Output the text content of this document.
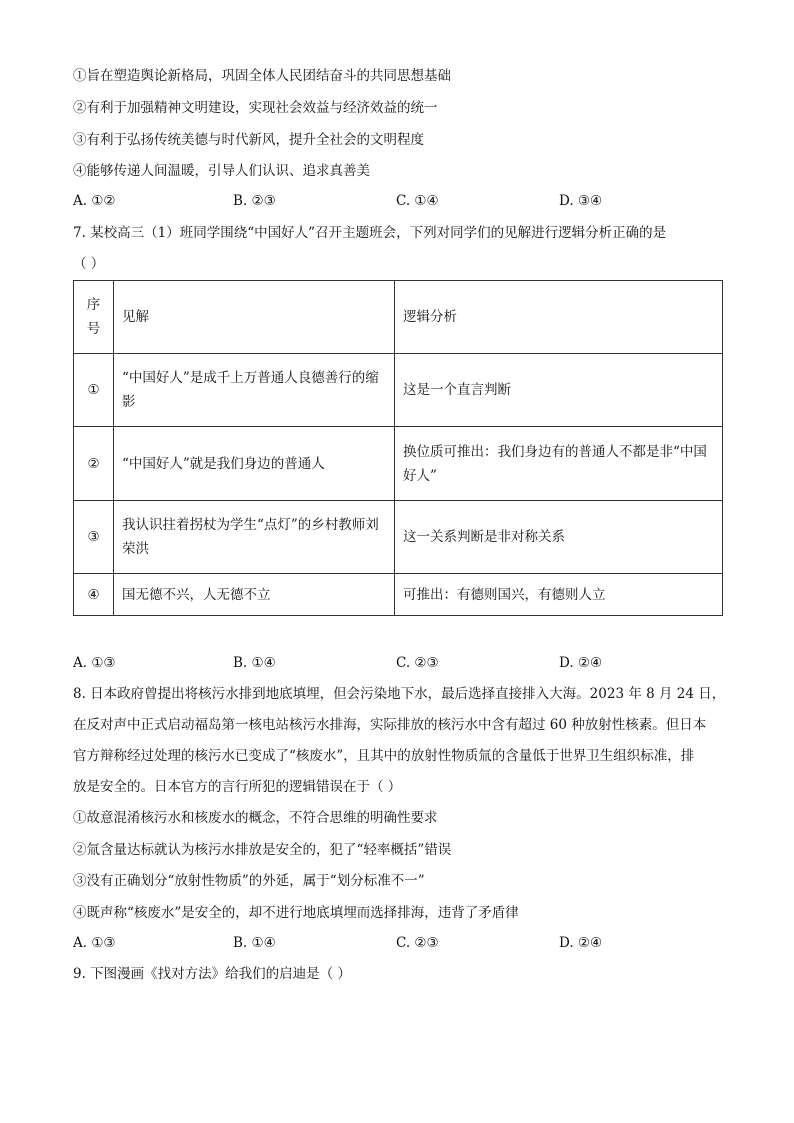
①旨在塑造舆论新格局，巩固全体人民团结奋斗的共同思想基础
②有利于加强精神文明建设，实现社会效益与经济效益的统一
③有利于弘扬传统美德与时代新风，提升全社会的文明程度
④能够传递人间温暖，引导人们认识、追求真善美
A. ①②	B. ②③	C. ①④	D. ③④
7. 某校高三（1）班同学围绕“中国好人”召开主题班会，下列对同学们的见解进行逻辑分析正确的是
（ ）
序号	见解	逻辑分析
①	“中国好人”是成千上万普通人良德善行的缩影	这是一个直言判断
②	“中国好人”就是我们身边的普通人	换位质可推出：我们身边有的普通人不都是非“中国好人”
③	我认识拄着拐杖为学生“点灯”的乡村教师刘荣洪	这一关系判断是非对称关系
④	国无德不兴，人无德不立	可推出：有德则国兴，有德则人立
A. ①③	B. ①④	C. ②③	D. ②④
8. 日本政府曾提出将核污水排到地底填埋，但会污染地下水，最后选择直接排入大海。2023 年 8 月 24 日，
在反对声中正式启动福岛第一核电站核污水排海，实际排放的核污水中含有超过 60 种放射性核素。但日本
官方辩称经过处理的核污水已变成了“核废水”，且其中的放射性物质氚的含量低于世界卫生组织标准，排
放是安全的。日本官方的言行所犯的逻辑错误在于（ ）
①故意混淆核污水和核废水的概念，不符合思维的明确性要求
②氚含量达标就认为核污水排放是安全的，犯了“轻率概括”错误
③没有正确划分“放射性物质”的外延，属于“划分标准不一”
④既声称“核废水”是安全的，却不进行地底填埋而选择排海，违背了矛盾律
A. ①③	B. ①④	C. ②③	D. ②④
9. 下图漫画《找对方法》给我们的启迪是（ ）
